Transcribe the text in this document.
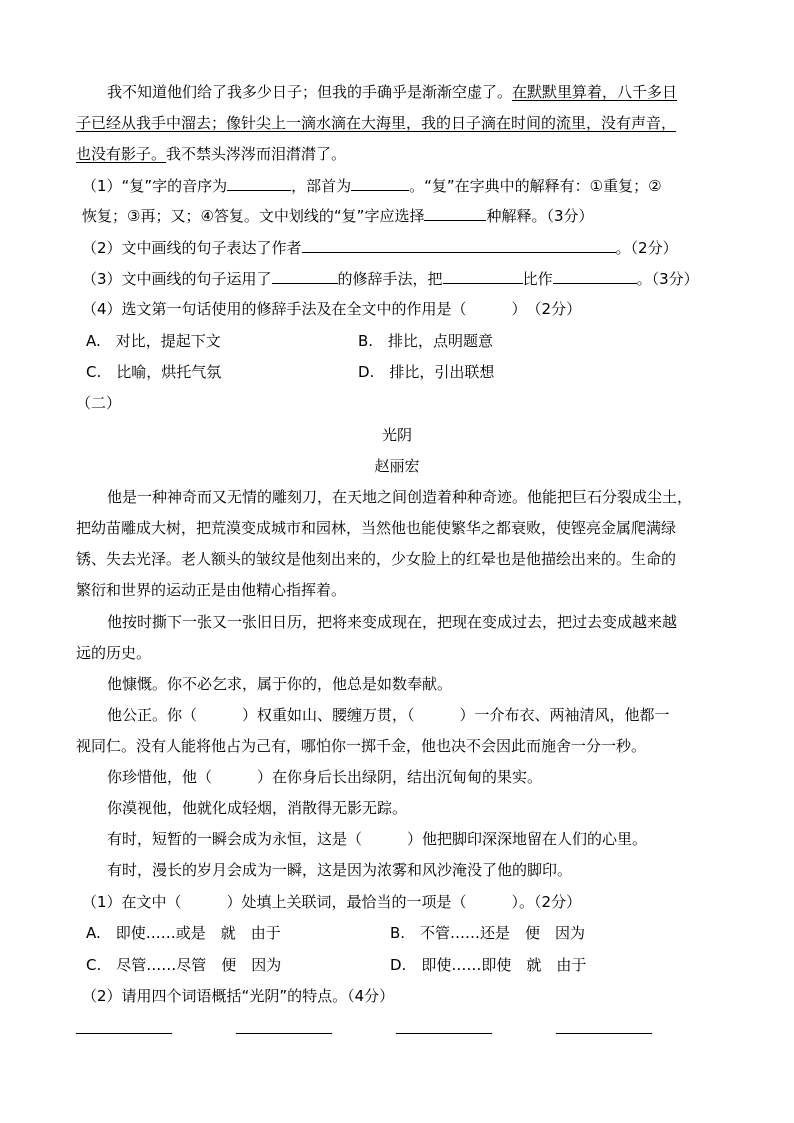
我不知道他们给了我多少日子；但我的手确乎是渐渐空虚了。在默默里算着，八千多日
子已经从我手中溜去；像针尖上一滴水滴在大海里，我的日子滴在时间的流里，没有声音，
也没有影子。我不禁头涔涔而泪潸潸了。
（1）“复”字的音序为	，部首为	。“复”在字典中的解释有：①重复；②
恢复；③再；又；④答复。文中划线的“复”字应选择	种解释。（3分）
（2）文中画线的句子表达了作者	。（2分）
（3）文中画线的句子运用了	的修辞手法，把	比作	。（3分）
（4）选文第一句话使用的修辞手法及在全文中的作用是（　　　）　（2分）
A.　对比，提起下文	B.　排比，点明题意
C.　比喻，烘托气氛	D.　排比，引出联想
（二）
光阴
赵丽宏
他是一种神奇而又无情的雕刻刀，在天地之间创造着种种奇迹。他能把巨石分裂成尘土，
把幼苗雕成大树，把荒漠变成城市和园林，当然他也能使繁华之都衰败，使铿亮金属爬满绿
锈、失去光泽。老人额头的皱纹是他刻出来的，少女脸上的红晕也是他描绘出来的。生命的
繁衍和世界的运动正是由他精心指挥着。
他按时撕下一张又一张旧日历，把将来变成现在，把现在变成过去，把过去变成越来越
远的历史。
他慷慨。你不必乞求，属于你的，他总是如数奉献。
他公正。你（　　　）权重如山、腰缠万贯，（　　　）一介布衣、两袖清风，他都一
视同仁。没有人能将他占为己有，哪怕你一掷千金，他也决不会因此而施舍一分一秒。
你珍惜他，他（　　　）在你身后长出绿阴，结出沉甸甸的果实。
你漠视他，他就化成轻烟，消散得无影无踪。
有时，短暂的一瞬会成为永恒，这是（　　　）他把脚印深深地留在人们的心里。
有时，漫长的岁月会成为一瞬，这是因为浓雾和风沙淹没了他的脚印。
（1）在文中（　　　）处填上关联词，最恰当的一项是（　　　）。（2分）
A.　即使……或是　就　由于	B.　不管……还是　便　因为
C.　尽管……尽管　便　因为	D.　即使……即使　就　由于
（2）请用四个词语概括“光阴”的特点。（4分）
